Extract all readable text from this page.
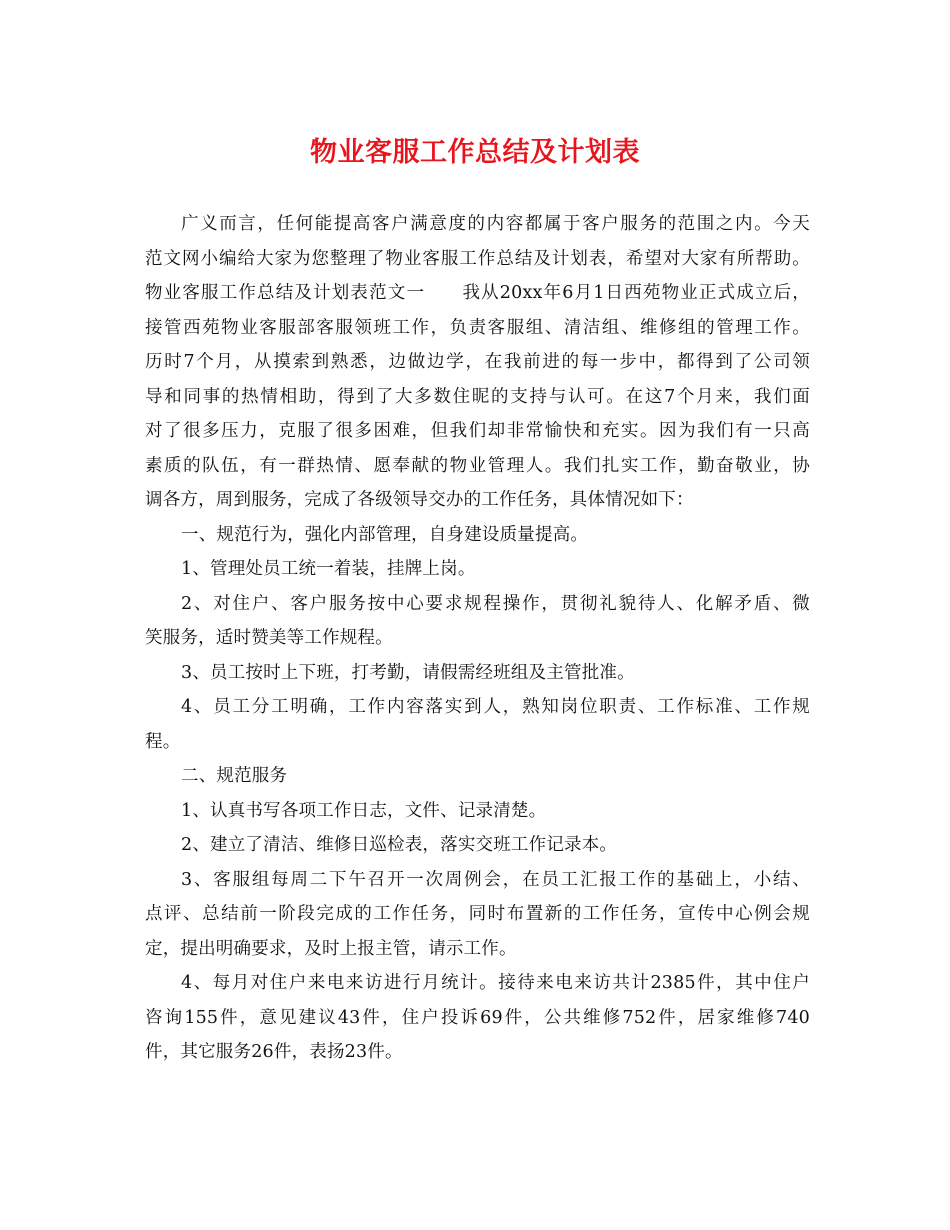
物业客服工作总结及计划表
广义而言，任何能提高客户满意度的内容都属于客户服务的范围之内。今天
范文网小编给大家为您整理了物业客服工作总结及计划表，希望对大家有所帮助。
物业客服工作总结及计划表范文一　　我从20xx年6月1日西苑物业正式成立后，
接管西苑物业客服部客服领班工作，负责客服组、清洁组、维修组的管理工作。
历时7个月，从摸索到熟悉，边做边学，在我前进的每一步中，都得到了公司领
导和同事的热情相助，得到了大多数住昵的支持与认可。在这7个月来，我们面
对了很多压力，克服了很多困难，但我们却非常愉快和充实。因为我们有一只高
素质的队伍，有一群热情、愿奉献的物业管理人。我们扎实工作，勤奋敬业，协
调各方，周到服务，完成了各级领导交办的工作任务，具体情况如下：
一、规范行为，强化内部管理，自身建设质量提高。
1、管理处员工统一着装，挂牌上岗。
2、对住户、客户服务按中心要求规程操作，贯彻礼貌待人、化解矛盾、微
笑服务，适时赞美等工作规程。
3、员工按时上下班，打考勤，请假需经班组及主管批准。
4、员工分工明确，工作内容落实到人，熟知岗位职责、工作标准、工作规
程。
二、规范服务
1、认真书写各项工作日志，文件、记录清楚。
2、建立了清洁、维修日巡检表，落实交班工作记录本。
3、客服组每周二下午召开一次周例会，在员工汇报工作的基础上，小结、
点评、总结前一阶段完成的工作任务，同时布置新的工作任务，宣传中心例会规
定，提出明确要求，及时上报主管，请示工作。
4、每月对住户来电来访进行月统计。接待来电来访共计2385件，其中住户
咨询155件，意见建议43件，住户投诉69件，公共维修752件，居家维修740
件，其它服务26件，表扬23件。
